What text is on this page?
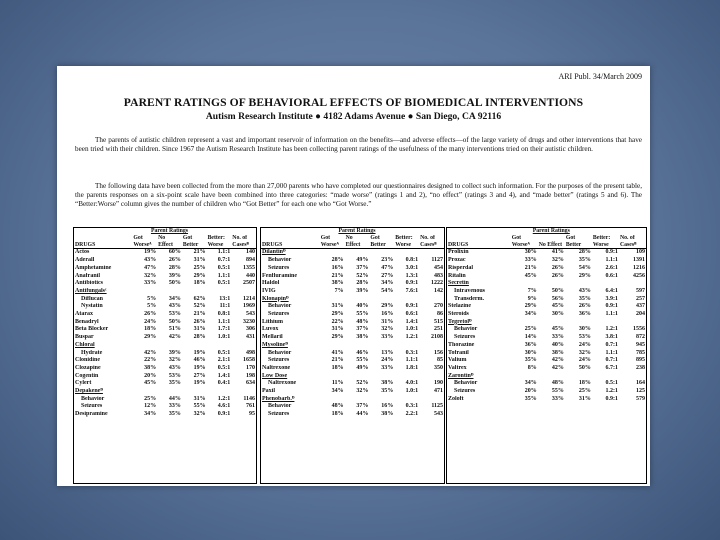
ARI Publ. 34/March 2009
PARENT RATINGS OF BEHAVIORAL EFFECTS OF BIOMEDICAL INTERVENTIONS
Autism Research Institute ● 4182 Adams Avenue ● San Diego, CA 92116
The parents of autistic children represent a vast and important reservoir of information on the benefits—and adverse effects—of the large variety of drugs and other interventions that have been tried with their children. Since 1967 the Autism Research Institute has been collecting parent ratings of the usefulness of the many interventions tried on their autistic children.
The following data have been collected from the more than 27,000 parents who have completed our questionnaires designed to collect such information. For the purposes of the present table, the parents responses on a six-point scale have been combined into three categories: “made worse” (ratings 1 and 2), “no effect” (ratings 3 and 4), and “made better” (ratings 5 and 6). The “Better:Worse” column gives the number of children who “Got Better” for each one who “Got Worse.”
	Parent Ratings				
DRUGS	Got Worseᴬ	No Effect	Got Better	Better: Worse	No. of Casesᴮ
Actos	19%	60%	21%	1.1:1	140
Aderall	43%	26%	31%	0.7:1	894
Amphetamine	47%	28%	25%	0.5:1	1355
Anafranil	32%	39%	29%	1.1:1	440
Antibiotics	33%	50%	18%	0.5:1	2507
Antifungalsᶜ					
Diflucan	5%	34%	62%	13:1	1214
Nystatin	5%	43%	52%	11:1	1969
Atarax	26%	53%	21%	0.8:1	543
Benadryl	24%	50%	26%	1.1:1	3230
Beta Blocker	18%	51%	31%	1.7:1	306
Buspar	29%	42%	28%	1.0:1	431
Chloral					
Hydrate	42%	39%	19%	0.5:1	498
Clonidine	22%	32%	46%	2.1:1	1658
Clozapine	38%	43%	19%	0.5:1	170
Cogentin	20%	53%	27%	1.4:1	198
Cylert	45%	35%	19%	0.4:1	634
Depakeneᴰ					
Behavior	25%	44%	31%	1.2:1	1146
Seizures	12%	33%	55%	4.6:1	761
Desipramine	34%	35%	32%	0.9:1	95
	Parent Ratings				
DRUGS	Got Worseᴬ	No Effect	Got Better	Better: Worse	No. of Casesᴮ
Dilantinᴰ					
Behavior	28%	49%	23%	0.8:1	1127
Seizures	16%	37%	47%	3.0:1	454
Fenfluramine	21%	52%	27%	1.3:1	483
Haldol	38%	28%	34%	0.9:1	1222
IVIG	7%	39%	54%	7.6:1	142
Klonapinᴰ					
Behavior	31%	40%	29%	0.9:1	270
Seizures	29%	55%	16%	0.6:1	86
Lithium	22%	48%	31%	1.4:1	515
Luvox	31%	37%	32%	1.0:1	251
Mellaril	29%	38%	33%	1.2:1	2108
Mysolineᴰ					
Behavior	41%	46%	13%	0.3:1	156
Seizures	21%	55%	24%	1.1:1	85
Naltrexone	18%	49%	33%	1.8:1	350
Low Dose					
Naltrexone	11%	52%	38%	4.0:1	190
Paxil	34%	32%	35%	1.0:1	471
Phenobarb.ᴰ					
Behavior	48%	37%	16%	0.3:1	1125
Seizures	18%	44%	38%	2.2:1	543
	Parent Ratings				
DRUGS	Got Worseᴬ	No Effect	Got Better	Better: Worse	No. of Casesᴮ
Prolixin	30%	41%	28%	0.9:1	109
Prozac	33%	32%	35%	1.1:1	1391
Risperdal	21%	26%	54%	2.6:1	1216
Ritalin	45%	26%	29%	0.6:1	4256
Secretin					
Intravenous	7%	50%	43%	6.4:1	597
Transderm.	9%	56%	35%	3.9:1	257
Stelazine	29%	45%	26%	0.9:1	437
Steroids	34%	30%	36%	1.1:1	204
Tegretolᴰ					
Behavior	25%	45%	30%	1.2:1	1556
Seizures	14%	33%	53%	3.8:1	872
Thorazine	36%	40%	24%	0.7:1	945
Tofranil	30%	38%	32%	1.1:1	785
Valium	35%	42%	24%	0.7:1	895
Valtrex	8%	42%	50%	6.7:1	238
Zarontinᴰ					
Behavior	34%	48%	18%	0.5:1	164
Seizures	20%	55%	25%	1.2:1	125
Zoloft	35%	33%	31%	0.9:1	579
